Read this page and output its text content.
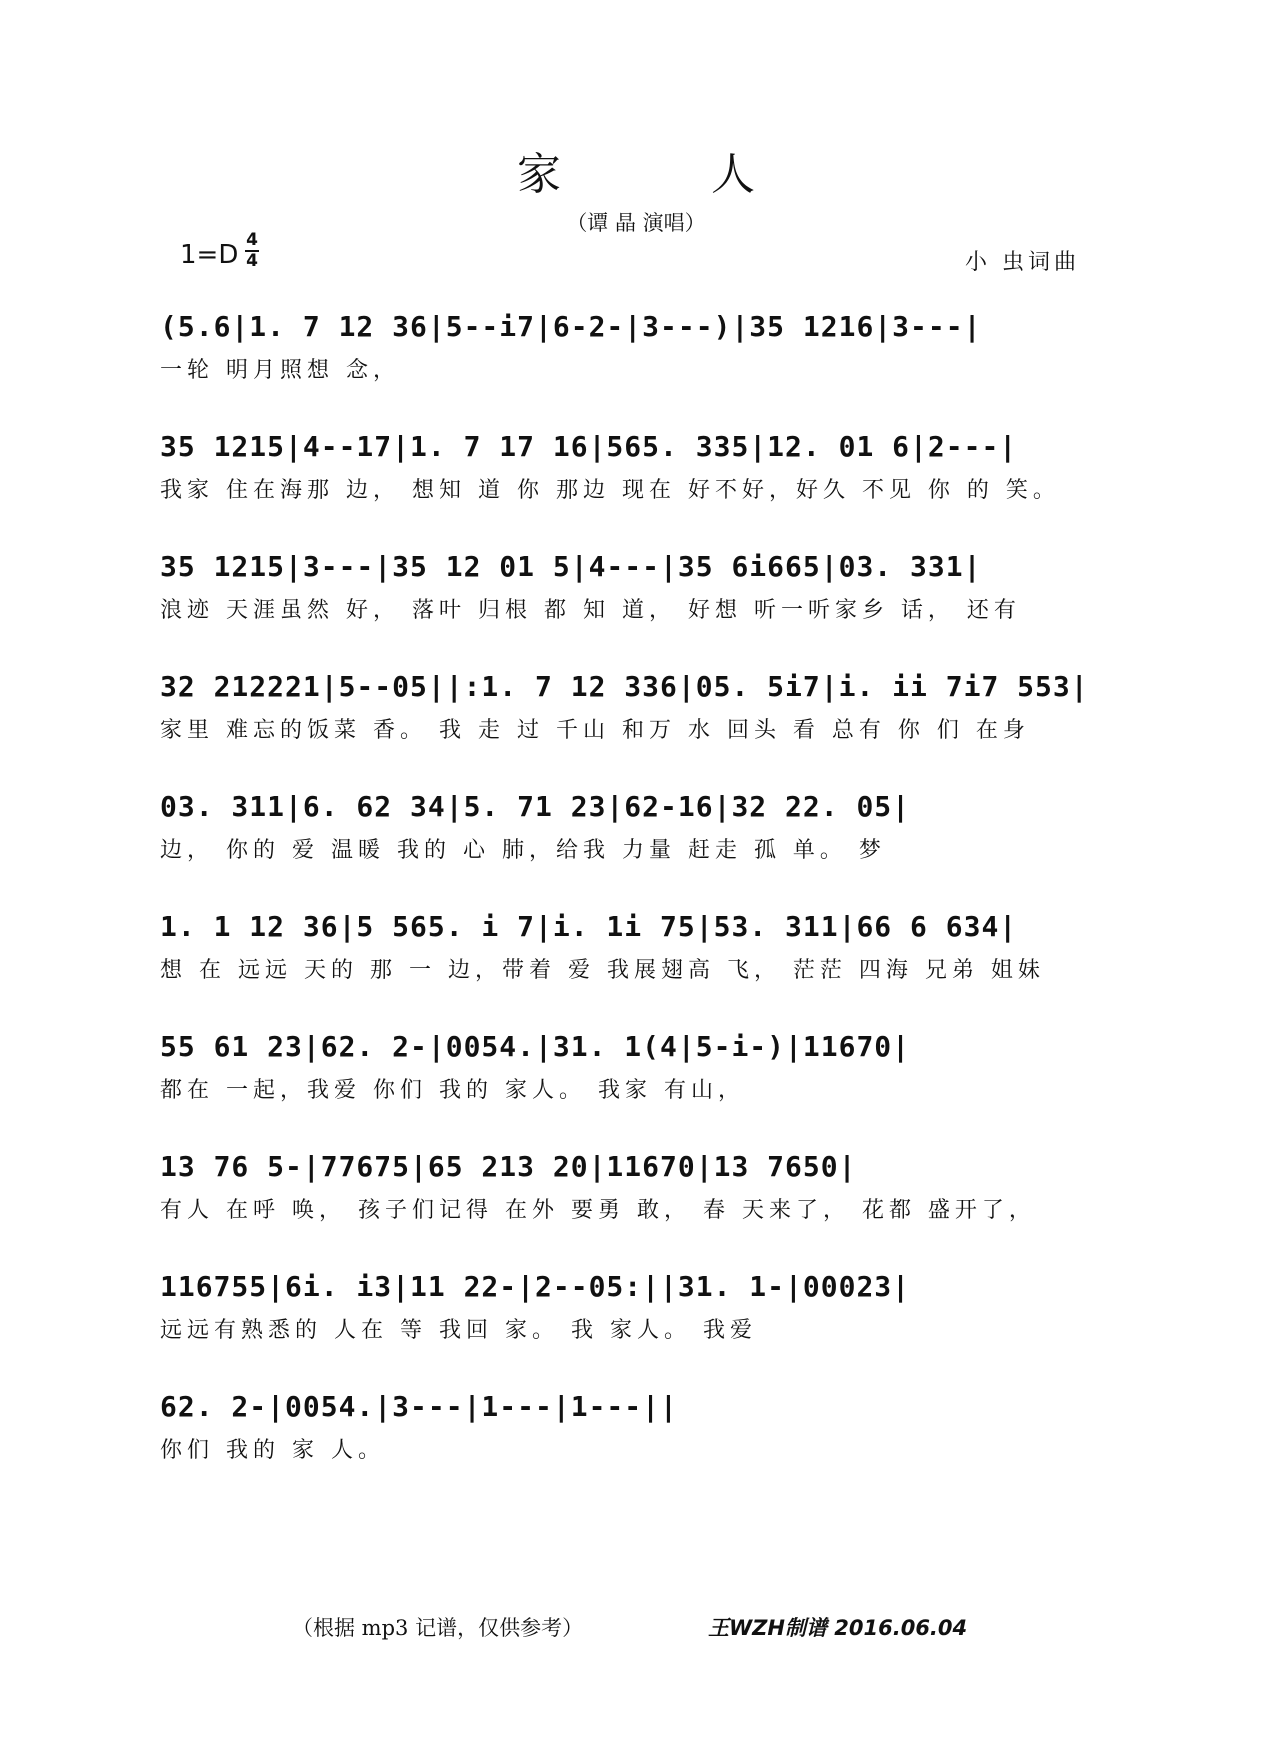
家人
（谭 晶 演唱）
1=D 4
4	小 虫词曲
(5.6|1. 7 12 36|5--i7|6-2-|3---)|35 1216|3---|
一轮 明月照想 念，
35 1215|4--17|1. 7 17 16|565. 335|12. 01 6|2---|
我家 住在海那 边， 想知 道 你 那边 现在 好不好，好久 不见 你 的 笑。
35 1215|3---|35 12 01 5|4---|35 6i665|03. 331|
浪迹 天涯虽然 好， 落叶 归根 都 知 道， 好想 听一听家乡 话， 还有
32 212221|5--05||:1. 7 12 336|05. 5i7|i. ii 7i7 553|
家里 难忘的饭菜 香。 我 走 过 千山 和万 水 回头 看 总有 你 们 在身
03. 311|6. 62 34|5. 71 23|62-16|32 22. 05|
边， 你的 爱 温暖 我的 心 肺，给我 力量 赶走 孤 单。 梦
1. 1 12 36|5 565. i 7|i. 1i 75|53. 311|66 6 634|
想 在 远远 天的 那 一 边，带着 爱 我展翅高 飞， 茫茫 四海 兄弟 姐妹
55 61 23|62. 2-|0054.|31. 1(4|5-i-)|11670|
都在 一起，我爱 你们 我的 家人。 我家 有山，
13 76 5-|77675|65 213 20|11670|13 7650|
有人 在呼 唤， 孩子们记得 在外 要勇 敢， 春 天来了， 花都 盛开了，
116755|6i. i3|11 22-|2--05:||31. 1-|00023|
远远有熟悉的 人在 等 我回 家。 我 家人。 我爱
62. 2-|0054.|3---|1---|1---||
你们 我的 家 人。
（根据 mp3 记谱，仅供参考）	王WZH制谱 2016.06.04
